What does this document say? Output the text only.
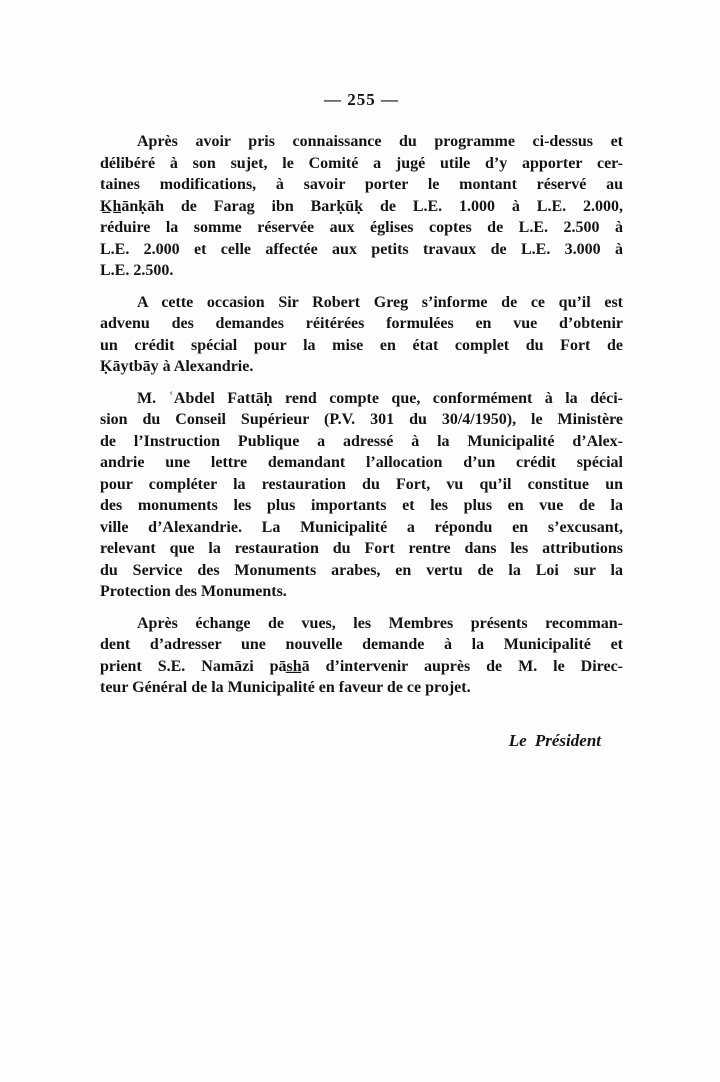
— 255 —
Après avoir pris connaissance du programme ci-dessus et
délibéré à son sujet, le Comité a jugé utile d’y apporter cer-
taines modifications, à savoir porter le montant réservé au
K̲h̲ānḳāh de Farag ibn Barḳūḳ de L.E. 1.000 à L.E. 2.000,
réduire la somme réservée aux églises coptes de L.E. 2.500 à
L.E. 2.000 et celle affectée aux petits travaux de L.E. 3.000 à
L.E. 2.500.
A cette occasion Sir Robert Greg s’informe de ce qu’il est
advenu des demandes réitérées formulées en vue d’obtenir
un crédit spécial pour la mise en état complet du Fort de
Ḳāytbāy à Alexandrie.
M. ʿAbdel Fattāḥ rend compte que, conformément à la déci-
sion du Conseil Supérieur (P.V. 301 du 30/4/1950), le Ministère
de l’Instruction Publique a adressé à la Municipalité d’Alex-
andrie une lettre demandant l’allocation d’un crédit spécial
pour compléter la restauration du Fort, vu qu’il constitue un
des monuments les plus importants et les plus en vue de la
ville d’Alexandrie. La Municipalité a répondu en s’excusant,
relevant que la restauration du Fort rentre dans les attributions
du Service des Monuments arabes, en vertu de la Loi sur la
Protection des Monuments.
Après échange de vues, les Membres présents recomman-
dent d’adresser une nouvelle demande à la Municipalité et
prient S.E. Namāzi pās̲h̲ā d’intervenir auprès de M. le Direc-
teur Général de la Municipalité en faveur de ce projet.
Le Président
